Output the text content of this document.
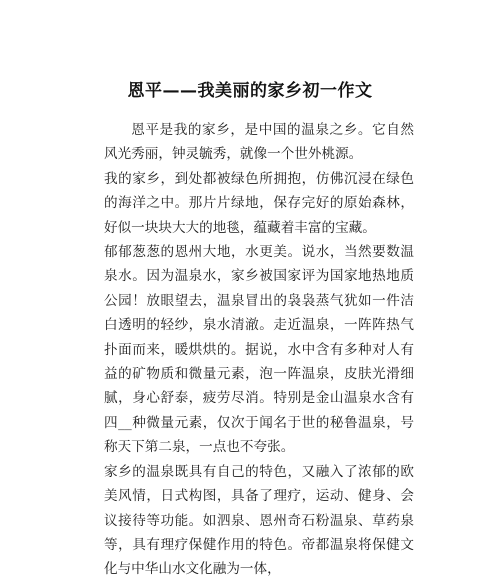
恩平——我美丽的家乡初一作文

恩平是我的家乡，是中国的温泉之乡。它自然风光秀丽，钟灵毓秀，就像一个世外桃源。

我的家乡，到处都被绿色所拥抱，仿佛沉浸在绿色的海洋之中。那片片绿地，保存完好的原始森林，好似一块块大大的地毯，蕴藏着丰富的宝藏。

郁郁葱葱的恩州大地，水更美。说水，当然要数温泉水。因为温泉水，家乡被国家评为国家地热地质公园！放眼望去，温泉冒出的袅袅蒸气犹如一件洁白透明的轻纱，泉水清澈。走近温泉，一阵阵热气扑面而来，暖烘烘的。据说，水中含有多种对人有益的矿物质和微量元素，泡一阵温泉，皮肤光滑细腻，身心舒泰，疲劳尽消。特别是金山温泉水含有四__种微量元素，仅次于闻名于世的秘鲁温泉，号称天下第二泉，一点也不夸张。

家乡的温泉既具有自己的特色，又融入了浓郁的欧美风情，日式构图，具备了理疗，运动、健身、会议接待等功能。如泗泉、恩州奇石粉温泉、草药泉等，具有理疗保健作用的特色。帝都温泉将保健文化与中华山水文化融为一体，
